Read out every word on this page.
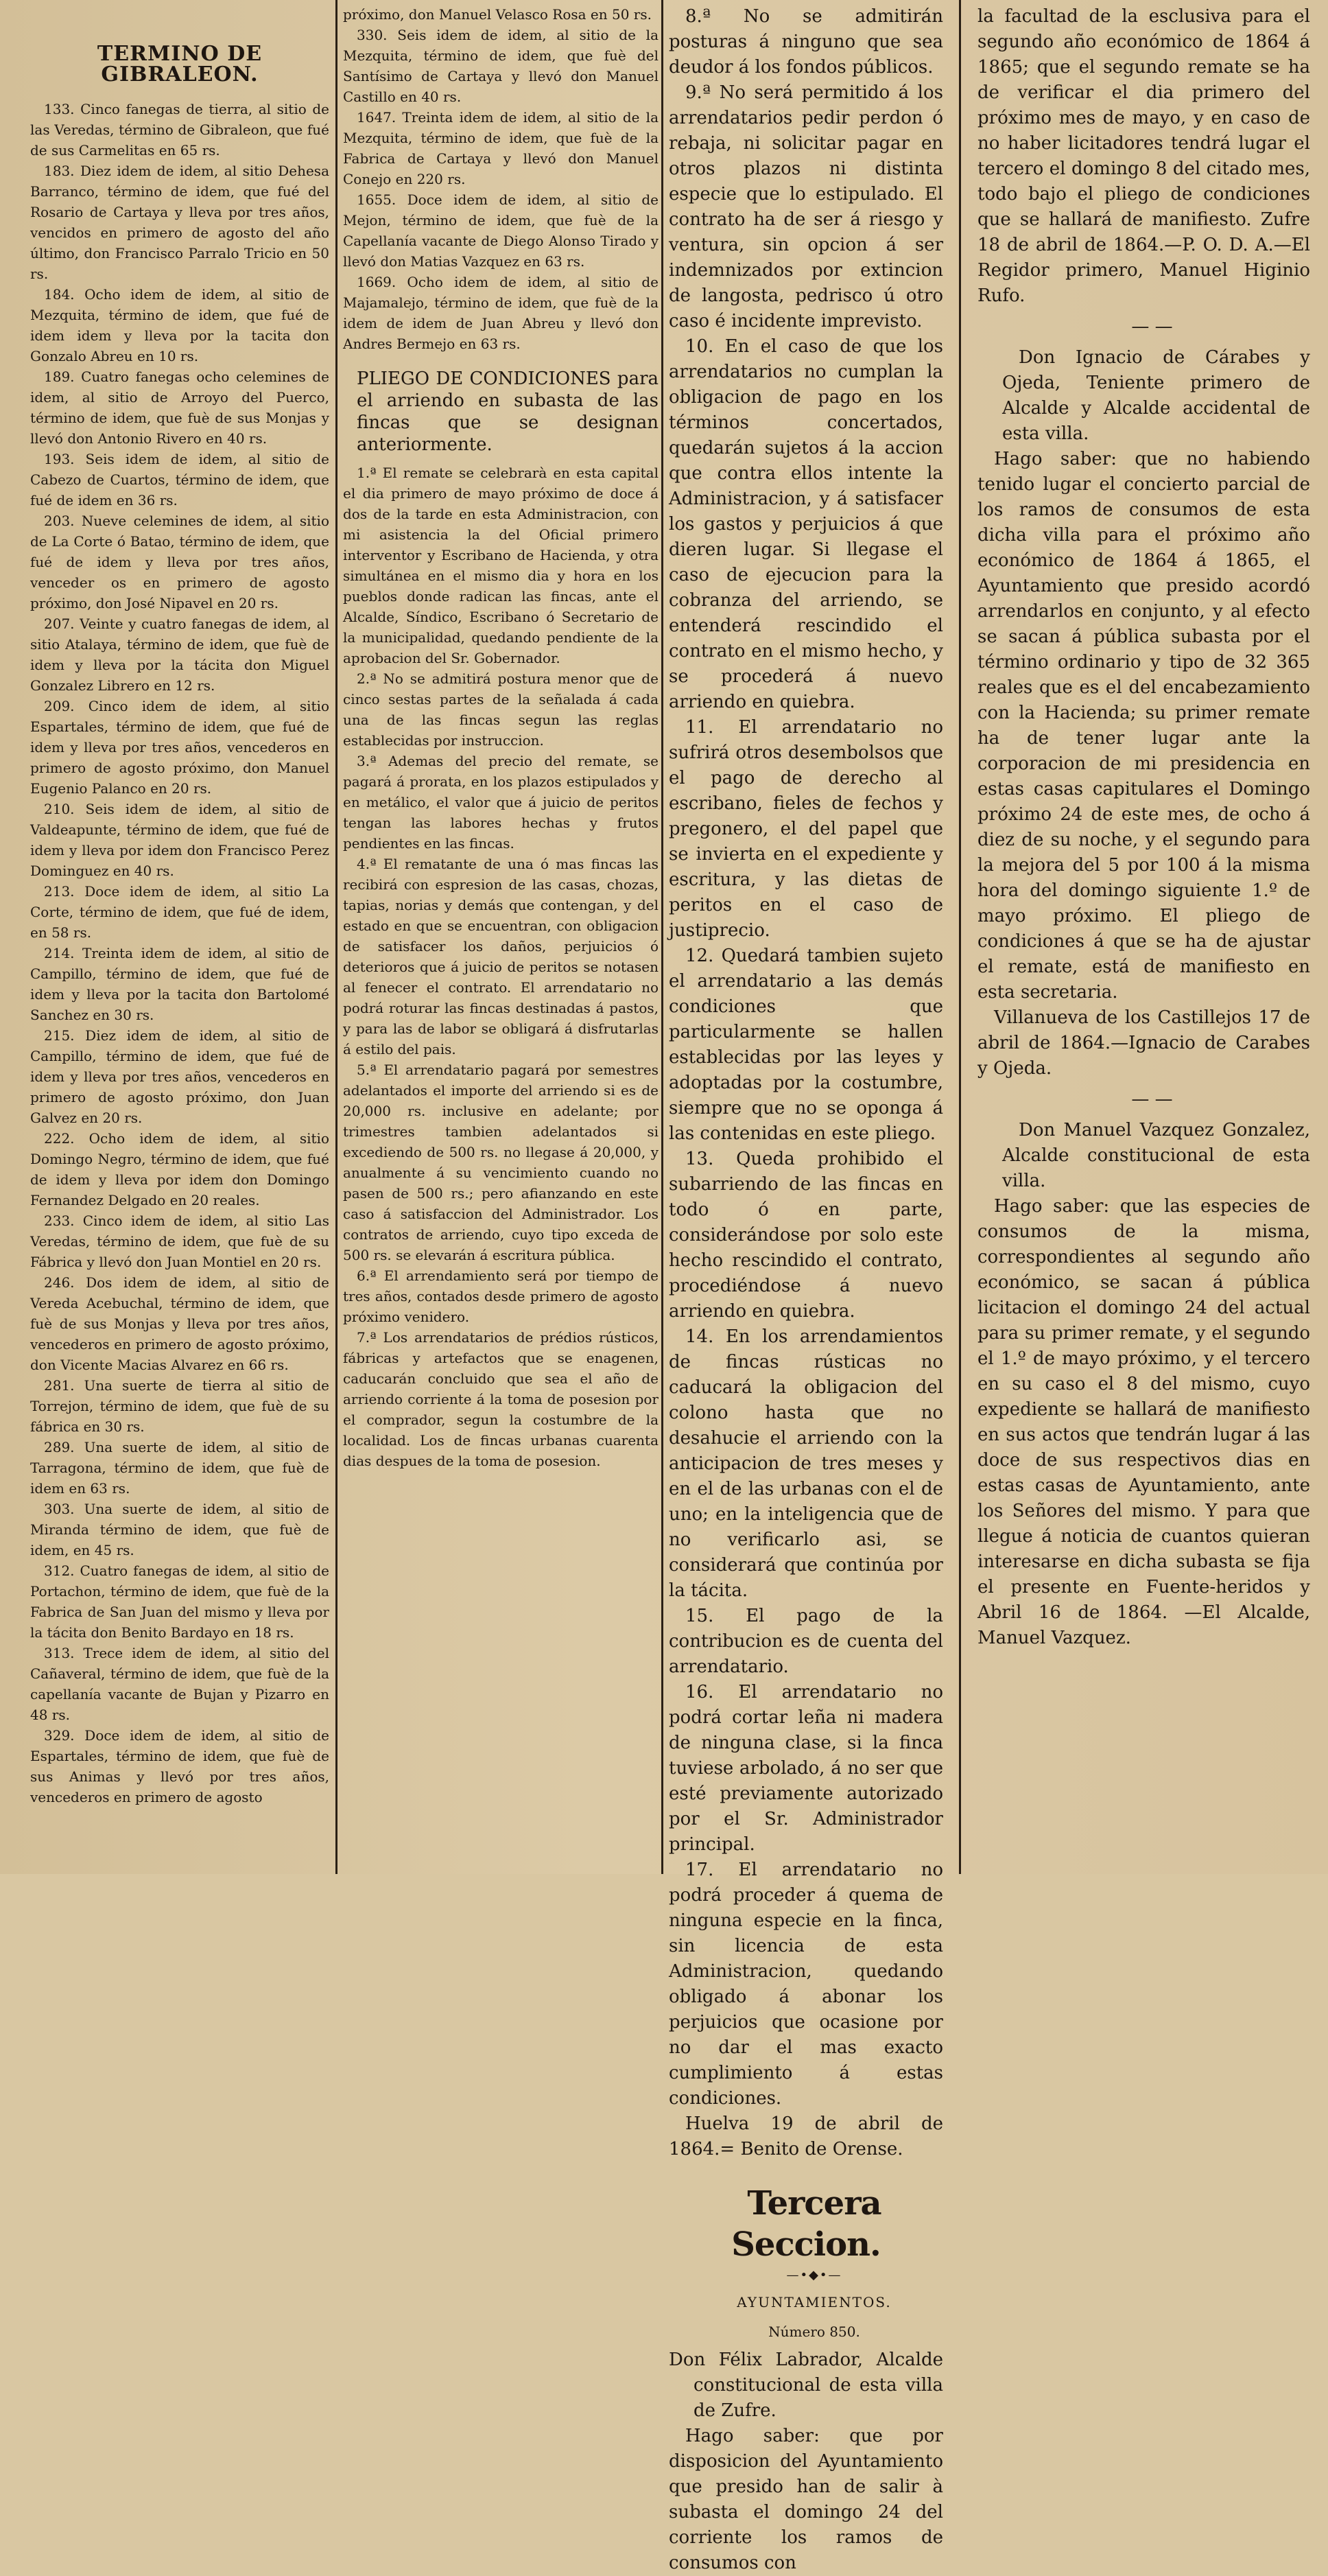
TERMINO DE GIBRALEON.

133. Cinco fanegas de tierra, al sitio de las Veredas, término de Gibraleon, que fué de sus Carmelitas en 65 rs.

183. Diez idem de idem, al sitio Dehesa Barranco, término de idem, que fué del Rosario de Cartaya y lleva por tres años, vencidos en primero de agosto del año último, don Francisco Parralo Tricio en 50 rs.

184. Ocho idem de idem, al sitio de Mezquita, término de idem, que fué de idem idem y lleva por la tacita don Gonzalo Abreu en 10 rs.

189. Cuatro fanegas ocho celemines de idem, al sitio de Arroyo del Puerco, término de idem, que fuè de sus Monjas y llevó don Antonio Rivero en 40 rs.

193. Seis idem de idem, al sitio de Cabezo de Cuartos, término de idem, que fué de idem en 36 rs.

203. Nueve celemines de idem, al sitio de La Corte ó Batao, término de idem, que fué de idem y lleva por tres años, venceder os en primero de agosto próximo, don José Nipavel en 20 rs.

207. Veinte y cuatro fanegas de idem, al sitio Atalaya, término de idem, que fuè de idem y lleva por la tácita don Miguel Gonzalez Librero en 12 rs.

209. Cinco idem de idem, al sitio Espartales, término de idem, que fué de idem y lleva por tres años, vencederos en primero de agosto próximo, don Manuel Eugenio Palanco en 20 rs.

210. Seis idem de idem, al sitio de Valdeapunte, término de idem, que fué de idem y lleva por idem don Francisco Perez Dominguez en 40 rs.

213. Doce idem de idem, al sitio La Corte, término de idem, que fué de idem, en 58 rs.

214. Treinta idem de idem, al sitio de Campillo, término de idem, que fué de idem y lleva por la tacita don Bartolomé Sanchez en 30 rs.

215. Diez idem de idem, al sitio de Campillo, término de idem, que fué de idem y lleva por tres años, vencederos en primero de agosto próximo, don Juan Galvez en 20 rs.

222. Ocho idem de idem, al sitio Domingo Negro, término de idem, que fué de idem y lleva por idem don Domingo Fernandez Delgado en 20 reales.

233. Cinco idem de idem, al sitio Las Veredas, término de idem, que fuè de su Fábrica y llevó don Juan Montiel en 20 rs.

246. Dos idem de idem, al sitio de Vereda Acebuchal, término de idem, que fuè de sus Monjas y lleva por tres años, vencederos en primero de agosto próximo, don Vicente Macias Alvarez en 66 rs.

281. Una suerte de tierra al sitio de Torrejon, término de idem, que fuè de su fábrica en 30 rs.

289. Una suerte de idem, al sitio de Tarragona, término de idem, que fuè de idem en 63 rs.

303. Una suerte de idem, al sitio de Miranda término de idem, que fuè de idem, en 45 rs.

312. Cuatro fanegas de idem, al sitio de Portachon, término de idem, que fuè de la Fabrica de San Juan del mismo y lleva por la tácita don Benito Bardayo en 18 rs.

313. Trece idem de idem, al sitio del Cañaveral, término de idem, que fuè de la capellanía vacante de Bujan y Pizarro en 48 rs.

329. Doce idem de idem, al sitio de Espartales, término de idem, que fuè de sus Animas y llevó por tres años, vencederos en primero de agosto

próximo, don Manuel Velasco Rosa en 50 rs.

330. Seis idem de idem, al sitio de la Mezquita, término de idem, que fuè del Santísimo de Cartaya y llevó don Manuel Castillo en 40 rs.

1647. Treinta idem de idem, al sitio de la Mezquita, término de idem, que fuè de la Fabrica de Cartaya y llevó don Manuel Conejo en 220 rs.

1655. Doce idem de idem, al sitio de Mejon, término de idem, que fuè de la Capellanía vacante de Diego Alonso Tirado y llevó don Matias Vazquez en 63 rs.

1669. Ocho idem de idem, al sitio de Majamalejo, término de idem, que fuè de la idem de idem de Juan Abreu y llevó don Andres Bermejo en 63 rs.

PLIEGO DE CONDICIONES para el arriendo en subasta de las fincas que se designan anteriormente.

1.ª El remate se celebrarà en esta capital el dia primero de mayo próximo de doce á dos de la tarde en esta Administracion, con mi asistencia la del Oficial primero interventor y Escribano de Hacienda, y otra simultánea en el mismo dia y hora en los pueblos donde radican las fincas, ante el Alcalde, Síndico, Escribano ó Secretario de la municipalidad, quedando pendiente de la aprobacion del Sr. Gobernador.

2.ª No se admitirá postura menor que de cinco sestas partes de la señalada á cada una de las fincas segun las reglas establecidas por instruccion.

3.ª Ademas del precio del remate, se pagará á prorata, en los plazos estipulados y en metálico, el valor que á juicio de peritos tengan las labores hechas y frutos pendientes en las fincas.

4.ª El rematante de una ó mas fincas las recibirá con espresion de las casas, chozas, tapias, norias y demás que contengan, y del estado en que se encuentran, con obligacion de satisfacer los daños, perjuicios ó deterioros que á juicio de peritos se notasen al fenecer el contrato. El arrendatario no podrá roturar las fincas destinadas á pastos, y para las de labor se obligará á disfrutarlas á estilo del pais.

5.ª El arrendatario pagará por semestres adelantados el importe del arriendo si es de 20,000 rs. inclusive en adelante; por trimestres tambien adelantados si excediendo de 500 rs. no llegase á 20,000, y anualmente á su vencimiento cuando no pasen de 500 rs.; pero afianzando en este caso á satisfaccion del Administrador. Los contratos de arriendo, cuyo tipo exceda de 500 rs. se elevarán á escritura pública.

6.ª El arrendamiento será por tiempo de tres años, contados desde primero de agosto próximo venidero.

7.ª Los arrendatarios de prédios rústicos, fábricas y artefactos que se enagenen, caducarán concluido que sea el año de arriendo corriente á la toma de posesion por el comprador, segun la costumbre de la localidad. Los de fincas urbanas cuarenta dias despues de la toma de posesion.

8.ª No se admitirán posturas á ninguno que sea deudor á los fondos públicos.

9.ª No será permitido á los arrendatarios pedir perdon ó rebaja, ni solicitar pagar en otros plazos ni distinta especie que lo estipulado. El contrato ha de ser á riesgo y ventura, sin opcion á ser indemnizados por extincion de langosta, pedrisco ú otro caso é incidente imprevisto.

10. En el caso de que los arrendatarios no cumplan la obligacion de pago en los términos concertados, quedarán sujetos á la accion que contra ellos intente la Administracion, y á satisfacer los gastos y perjuicios á que dieren lugar. Si llegase el caso de ejecucion para la cobranza del arriendo, se entenderá rescindido el contrato en el mismo hecho, y se procederá á nuevo arriendo en quiebra.

11. El arrendatario no sufrirá otros desembolsos que el pago de derecho al escribano, fieles de fechos y pregonero, el del papel que se invierta en el expediente y escritura, y las dietas de peritos en el caso de justiprecio.

12. Quedará tambien sujeto el arrendatario a las demás condiciones que particularmente se hallen establecidas por las leyes y adoptadas por la costumbre, siempre que no se oponga á las contenidas en este pliego.

13. Queda prohibido el subarriendo de las fincas en todo ó en parte, considerándose por solo este hecho rescindido el contrato, procediéndose á nuevo arriendo en quiebra.

14. En los arrendamientos de fincas rústicas no caducará la obligacion del colono hasta que no desahucie el arriendo con la anticipacion de tres meses y en el de las urbanas con el de uno; en la inteligencia que de no verificarlo asi, se considerará que continúa por la tácita.

15. El pago de la contribucion es de cuenta del arrendatario.

16. El arrendatario no podrá cortar leña ni madera de ninguna clase, si la finca tuviese arbolado, á no ser que esté previamente autorizado por el Sr. Administrador principal.

17. El arrendatario no podrá proceder á quema de ninguna especie en la finca, sin licencia de esta Administracion, quedando obligado á abonar los perjuicios que ocasione por no dar el mas exacto cumplimiento á estas condiciones.

Huelva 19 de abril de 1864.= Benito de Orense.

Tercera Seccion.

—•◆•—

AYUNTAMIENTOS.

Número 850.

Don Félix Labrador, Alcalde constitucional de esta villa de Zufre.

Hago saber: que por disposicion del Ayuntamiento que presido han de salir à subasta el domingo 24 del corriente los ramos de consumos con

la facultad de la esclusiva para el segundo año económico de 1864 á 1865; que el segundo remate se ha de verificar el dia primero del próximo mes de mayo, y en caso de no haber licitadores tendrá lugar el tercero el domingo 8 del citado mes, todo bajo el pliego de condiciones que se hallará de manifiesto. Zufre 18 de abril de 1864.—P. O. D. A.—El Regidor primero, Manuel Higinio Rufo.

— —

Don Ignacio de Cárabes y Ojeda, Teniente primero de Alcalde y Alcalde accidental de esta villa.

Hago saber: que no habiendo tenido lugar el concierto parcial de los ramos de consumos de esta dicha villa para el próximo año económico de 1864 á 1865, el Ayuntamiento que presido acordó arrendarlos en conjunto, y al efecto se sacan á pública subasta por el término ordinario y tipo de 32 365 reales que es el del encabezamiento con la Hacienda; su primer remate ha de tener lugar ante la corporacion de mi presidencia en estas casas capitulares el Domingo próximo 24 de este mes, de ocho á diez de su noche, y el segundo para la mejora del 5 por 100 á la misma hora del domingo siguiente 1.º de mayo próximo. El pliego de condiciones á que se ha de ajustar el remate, está de manifiesto en esta secretaria.

Villanueva de los Castillejos 17 de abril de 1864.—Ignacio de Carabes y Ojeda.

— —

Don Manuel Vazquez Gonzalez, Alcalde constitucional de esta villa.

Hago saber: que las especies de consumos de la misma, correspondientes al segundo año económico, se sacan á pública licitacion el domingo 24 del actual para su primer remate, y el segundo el 1.º de mayo próximo, y el tercero en su caso el 8 del mismo, cuyo expediente se hallará de manifiesto en sus actos que tendrán lugar á las doce de sus respectivos dias en estas casas de Ayuntamiento, ante los Señores del mismo. Y para que llegue á noticia de cuantos quieran interesarse en dicha subasta se fija el presente en Fuente-heridos y Abril 16 de 1864. —El Alcalde, Manuel Vazquez.
